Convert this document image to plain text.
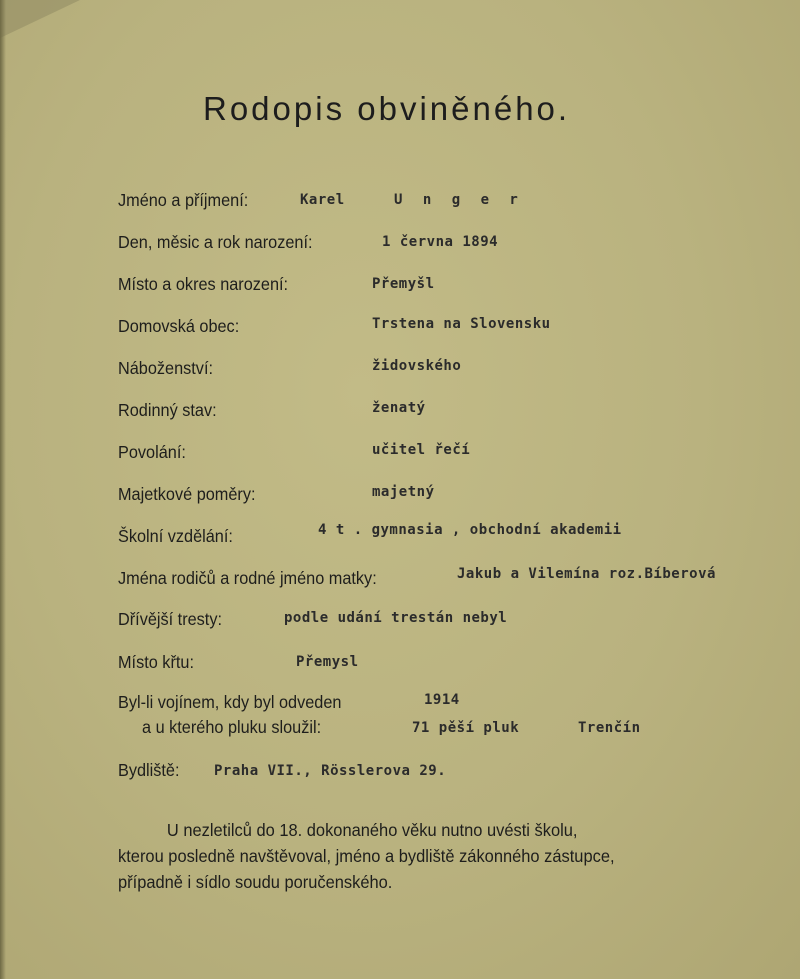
Rodopis obviněného.
Jméno a příjmení:	Karel	U n g e r
Den, měsic a rok narození:	1 června 1894
Místo a okres narození:	Přemyšl
Domovská obec:	Trstena na Slovensku
Náboženství:	židovského
Rodinný stav:	ženatý
Povolání:	učitel řečí
Majetkové poměry:	majetný
Školní vzdělání:	4 t . gymnasia , obchodní akademii
Jména rodičů a rodné jméno matky:	Jakub a Vilemína roz.Bíberová
Dřívější tresty:	podle udání trestán nebyl
Místo křtu:	Přemysl
Byl-li vojínem, kdy byl odveden	1914
a u kterého pluku sloužil:	71 pěší pluk	Trenčín
Bydliště: Praha VII., Rösslerova 29.
U nezletilců do 18. dokonaného věku nutno uvésti školu,
kterou posledně navštěvoval, jméno a bydliště zákonného zástupce,
případně i sídlo soudu poručenského.
